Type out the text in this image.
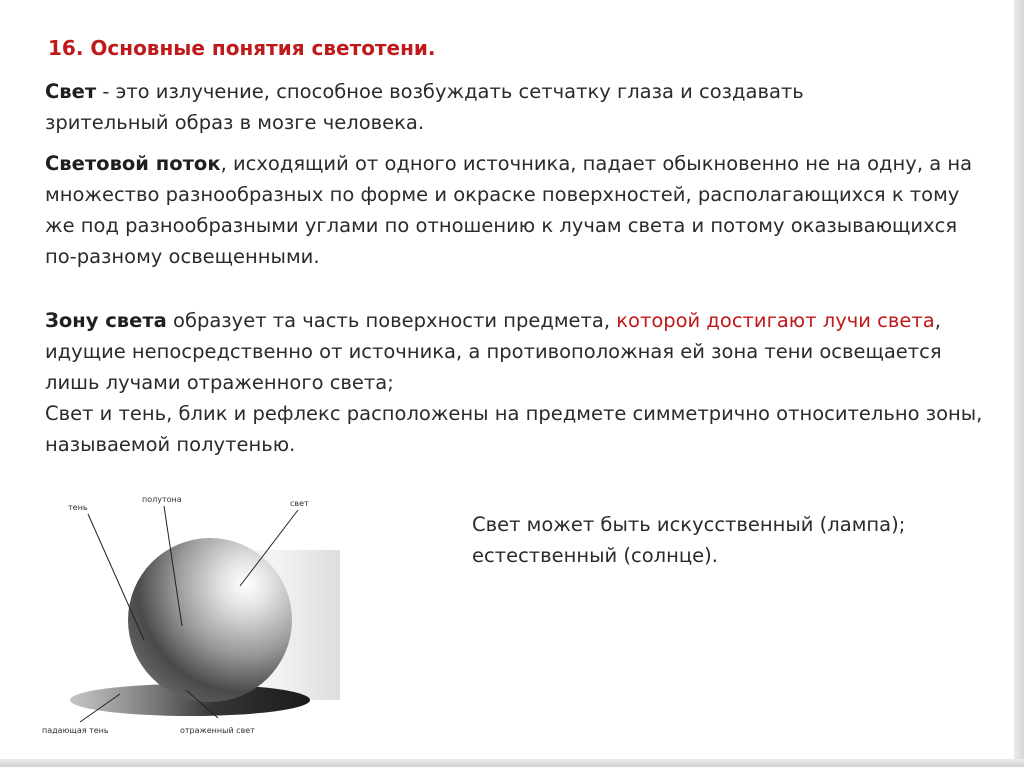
16. Основные понятия светотени.
Свет - это излучение, способное возбуждать сетчатку глаза и создавать зрительный образ в мозге человека.
Световой поток, исходящий от одного источника, падает обыкновенно не на одну, а на множество разнообразных по форме и окраске поверхностей, располагающихся к тому же под разнообразными углами по отношению к лучам света и потому оказывающихся по-разному освещенными.
Зону света образует та часть поверхности предмета, которой достигают лучи света, идущие непосредственно от источника, а противоположная ей зона тени освещается лишь лучами отраженного света;
Свет и тень, блик и рефлекс расположены на предмете симметрично относительно зоны, называемой полутенью.
Свет может быть искусственный (лампа);
естественный (солнце).
тень
полутона	свет
падающая тень	отраженный свет
